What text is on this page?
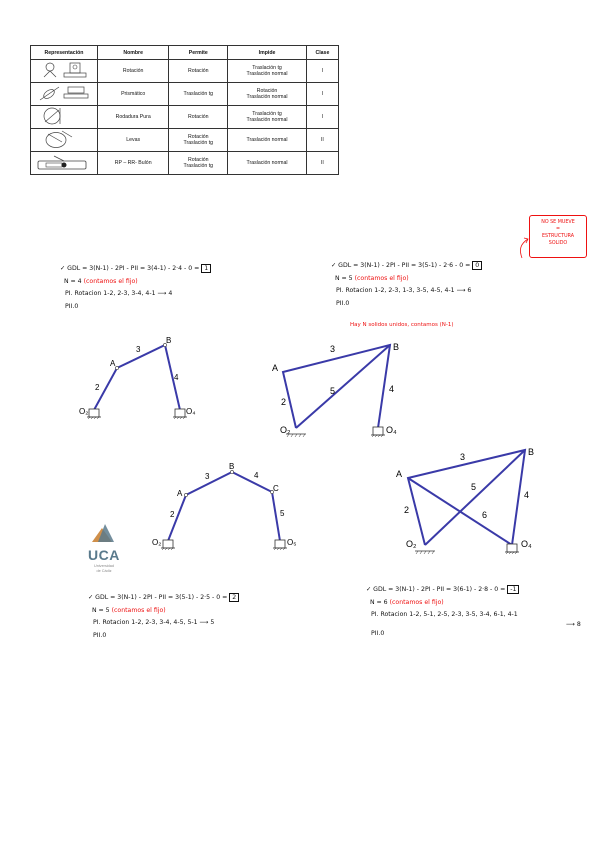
Representación	Nombre	Permite	Impide	Clase
	Rotación	Rotación	Traslación tg
Traslación normal	I
	Prismático	Traslación tg	Rotación
Traslación normal	I
	Rodadura Pura	Rotación	Traslación tg
Traslación normal	I
	Levas	Rotación
Traslación tg	Traslación normal	II
	RP – RR- Bulón	Rotación
Traslación tg	Traslación normal	II
NO SE MUEVE
=
ESTRUCTURA
SOLIDO
Hay N solidos unidos, contamos (N-1)
✓ GDL = 3(N-1) - 2PI - PII = 3(4-1) - 2·4 - 0 = 1
N = 4 (contamos el fijo)
PI. Rotacion 1-2, 2-3, 3-4, 4-1 ⟶ 4
PII.0
✓ GDL = 3(N-1) - 2PI - PII = 3(5-1) - 2·6 - 0 = 0
N = 5 (contamos el fijo)
PI. Rotacion 1-2, 2-3, 1-3, 3-5, 4-5, 4-1 ⟶ 6
PII.0
✓ GDL = 3(N-1) - 2PI - PII = 3(5-1) - 2·5 - 0 = 2
N = 5 (contamos el fijo)
PI. Rotacion 1-2, 2-3, 3-4, 4-5, 5-1 ⟶ 5
PII.0
✓ GDL = 3(N-1) - 2PI - PII = 3(6-1) - 2·8 - 0 = -1
N = 6 (contamos el fijo)
PI. Rotacion 1-2, 5-1, 2-5, 2-3, 3-5, 3-4, 6-1, 4-1
⟶ 8
PII.0
A
B
O₂	O₄
2
3
4
A
B
O₂	O₄
2
3
4
5
A
B
C
O₂	O₅
2
3	4
5
A
B
O₂	O₄
2
3
4
5
6
UCA
Universidad de Cádiz
